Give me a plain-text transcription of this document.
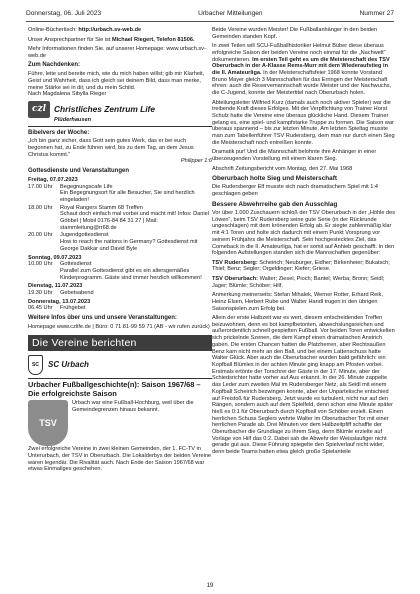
Donnerstag, 06. Juli 2023	Urbacher Mitteilungen	Nummer 27

Online-Büchertisch: http://urbach.sv-web.de

Unser Ansprechpartner für Sie ist Michael Riegert, Telefon 81506.

Mehr Informationen finden Sie. auf unserer Homepage: www.urbach.sv-web.de

Zum Nachdenken:

Führe, leite und bereite mich, wie du mich haben willst; gib mir Klarheit, Geist und Wahrheit, dass ich gleich sei deinem Bild, dass man merke, meine Stärke sei in dir, und du mein Schild.

Nach Magdalena Sibylla Rieger

czl Christliches Zentrum Life
Plüderhausen
Bibelvers der Woche:

„Ich bin ganz sicher, dass Gott sein gutes Werk, das er bei euch begonnen hat, zu Ende führen wird, bis zu dem Tag, an dem Jesus Christus kommt.“

Philipper 1:6

Gottesdienste und Veranstaltungen
Freitag, 07.07.2023
17.00 Uhr	Begegnungscafe Life
Ein Begegnungsort für alle Besucher, Sie sind herzlich eingeladen!
18.00 Uhr	Royal Rangers Stamm 68 Treffen
Schaut doch einfach mal vorbei und macht mit! Infos: Daniel Göbbel | Mobil 0176-84 84 31 27 | Mail: stammleitung@rr68.de
20.00 Uhr	Jugendgottesdienst
How to reach the nations in Germany? Gottesdienst mit George Dakkar und David Byle
Sonntag, 09.07.2023
10.00 Uhr	Gottesdienst
Parallel zum Gottesdienst gibt es ein altersgemäßes Kinderprogramm. Gäste sind immer herzlich willkommen!
Dienstag, 11.07.2023
19.30 Uhr	Gebetsabend
Donnerstag, 13.07.2023
06.45 Uhr	Frühgebet
Weitere Infos über uns und unsere Veranstaltungen:

Homepage www.czlife.de | Büro: 0 71 81-99 59 71 (AB - wir rufen zurück)

Die Vereine berichten
SC	SC Urbach
Urbacher Fußballgeschichte(n): Saison 1967/68 – Die erfolgreichste Saison
TSV

Urbach war eine Fußball-Hochburg, weil über die Gemeindegrenzen hinaus bekannt.

Zwei erfolgreiche Vereine in zwei kleinen Gemeinden, der 1. FC-TV in Unterurbach, der TSV in Oberurbach. Die Lokalderbys der beiden Vereine waren legendär. Die Rivalität auch. Nach Ende der Saison 1967/68 war etwas Einmaliges geschehen.

Beide Vereine wurden Meister! Die Fußballanhänger in den beiden Gemeinden standen Kopf.

In zwei Teilen will SCU-Fußballhistoriker Helmut Büber diese überaus erfolgreiche Saison der beiden Vereine noch einmal für die „Nachwelt“ dokumentieren. Im ersten Teil geht es um die Meisterschaft des TSV Oberurbach in der A-Klasse Rems-Murr mit dem Wiederaufstieg in die II. Amateurliga. In der Meisterschaftsfeier 1968 konnte Vorstand Bruno Mayer gleich 3 Mannschaften für das Erringen der Meisterschaft ehren: auch die Reservemannschaft wurde Meister und der Nachwuchs, die C-Jugend, konnte der Meistertitel nach Oberurbach holen.

Abteilungsleiter Wilfried Kurz (damals auch noch aktiver Spieler) war die treibende Kraft dieses Erfolges. Mit der Verpflichtung von Trainer Horst Schulz hatte die Vereine eine überaus glückliche Hand. Diesem Trainer gelang es, eine spiel- und kampfstarke Truppe zu formen. Die Saison war überaus spannend – bis zur letzten Minute. Am letzten Spieltag musste man zum Tabellenführer TSV Rudersberg, dem man nur durch einen Sieg die Meisterschaft noch entreißen konnte.

Dramatik pur! Und die Mannschaft belohnte ihre Anhänger in einer überzeugenden Vorstellung mit einem klaren Sieg.

Abschrift Zeitungsbericht vom Montag, den 27. Mai 1968

Oberurbach holte Sieg und Meisterschaft

Die Rudersberger Elf musste sich nach dramatischem Spiel mit 1:4 geschlagen geben

Bessere Abwehrreihe gab den Ausschlag

Vor über 1.000 Zuschauern schloß der TSV Oberurbach in der „Höhle des Löwen“, beim TSV Rudersberg seine gute Serie (in der Rückrunde ungeschlagen) mit dem krönenden Erfolg ab. Er siegte zahlenmäßig klar mit 4:1 Toren und holte sich dadurch mit einem Punkt Vorsprung vor seinem Frühjahrs die Meisterschaft. Sein hochgestecktes Ziel, das Comeback in die II. Amateurliga, hat er somit auf Anhieb geschafft. In den folgenden Aufstellungen standen sich die Mannschaften gegenüber:

TSV Rudersberg: Scheirich; Neuburger, Eidher; Birkenheier; Bukatsch; Thiel; Benz; Segler; Orgeldinger; Kiefer; Griese.

TSV Oberurbach: Walter; Ziesel, Pioch; Bantel; Werba; Bronn; Seidl; Jager; Blümle; Schöber; Hilf.

Anmerkung meinerseits: Stefan Mihalek, Werner Rotter, Erhard Reik, Heinz Elsen, Herbert Rube und Walter Handl trugen in den übrigen Saisonspielen zum Erfolg bei.

Allein der erste Halbzeit war es wert, diesem entscheidenden Treffen beizuwohnen, denn es bot kampfbetonten, abwechslungsreichen und außerordentlich schnell gespielten Fußball. Vor beiden Toren entwickelten sich prickelnde Szenen, die dem Kampf einen dramatischen Anstrich gaben. Die ersten Chancen hatten die Platzherren, aber Rechtsaußen Benz kam nicht mehr an den Ball, und bei einem Lattenschuss hatte Walter Glück. Aber auch die Oberurbacher wurden bald gefährlich: ein Kopfball Blümles in der achten Minute ging knapp am Pfosten vorbei. Erstmals ertönte der Torschrei der Gäste in der 17. Minute, aber der Schiedsrichter hatte vorher auf Aus erkannt. In der 26. Minute zappelte das Leder zum zweiten Mal im Rudersberger Netz, als Seidl mit einem Kopfball Scheirich bezwingen konnte, aber der Unparteiische entschied auf Freistoß für Rudersberg. Jetzt wurde es turbulent, nicht nur auf den Rängen, sondern auch auf dem Spielfeld, denn schon eine Minute später hieß es 0:1 für Oberurbach durch Kopfball von Schöber erzielt. Einen herrlichen Schuss Seglers wehrte Walter im Oberurbacher Tor mit einer herrlichen Parade ab. Drei Minuten vor dem Halbzeitpfiff schaffte der Oberurbacher die Grundlage zu ihrem Sieg, denn Blümle erzielte auf Vorlage von Hilf das 0:2. Dabei sah die Abwehr der Weisslaufiger nicht gerade gut aus. Diese Führung spiegelte den Spielverlauf nicht wider, denn beide Teams hatten etwa gleich große Spielanteile

19
